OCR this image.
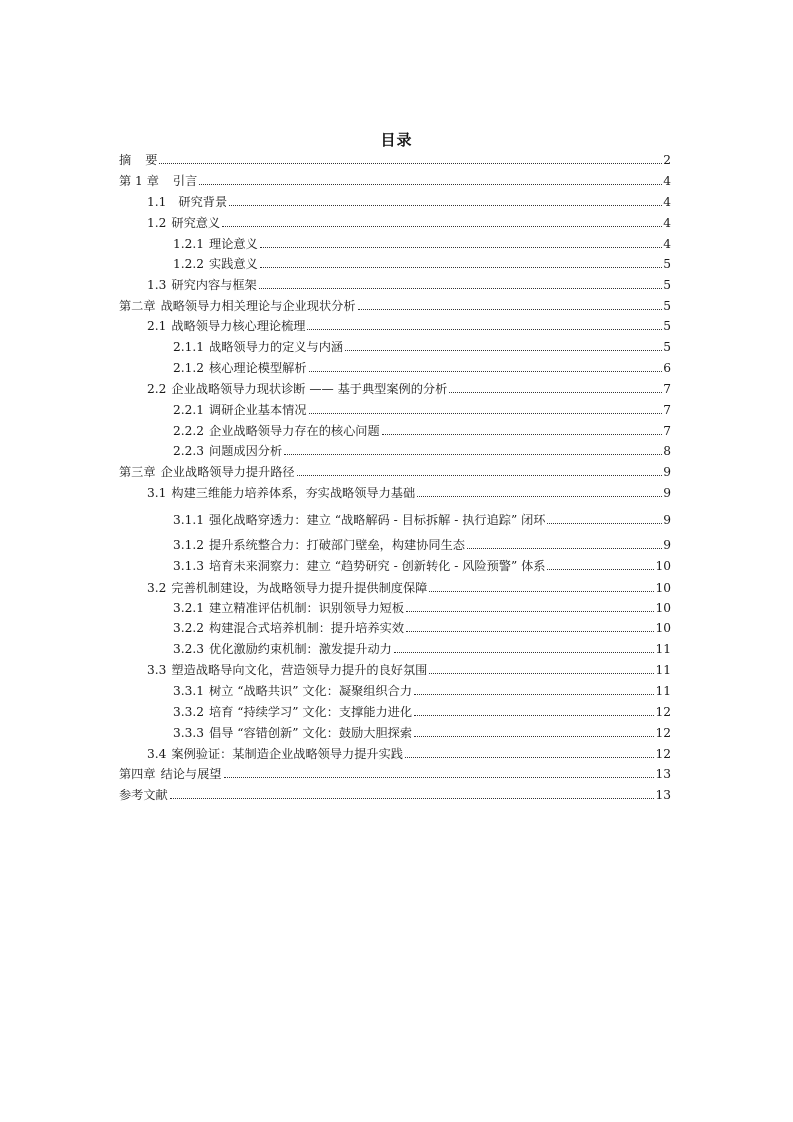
目录
摘 要	2
第 1 章 引言	4
1.1 研究背景	4
1.2 研究意义	4
1.2.1 理论意义	4
1.2.2 实践意义	5
1.3 研究内容与框架	5
第二章 战略领导力相关理论与企业现状分析	5
2.1 战略领导力核心理论梳理	5
2.1.1 战略领导力的定义与内涵	5
2.1.2 核心理论模型解析	6
2.2 企业战略领导力现状诊断 —— 基于典型案例的分析	7
2.2.1 调研企业基本情况	7
2.2.2 企业战略领导力存在的核心问题	7
2.2.3 问题成因分析	8
第三章 企业战略领导力提升路径	9
3.1 构建三维能力培养体系，夯实战略领导力基础	9
3.1.1 强化战略穿透力：建立 “战略解码 - 目标拆解 - 执行追踪” 闭环	9
3.1.2 提升系统整合力：打破部门壁垒，构建协同生态	9
3.1.3 培育未来洞察力：建立 “趋势研究 - 创新转化 - 风险预警” 体系	10
3.2 完善机制建设，为战略领导力提升提供制度保障	10
3.2.1 建立精准评估机制：识别领导力短板	10
3.2.2 构建混合式培养机制：提升培养实效	10
3.2.3 优化激励约束机制：激发提升动力	11
3.3 塑造战略导向文化，营造领导力提升的良好氛围	11
3.3.1 树立 “战略共识” 文化：凝聚组织合力	11
3.3.2 培育 “持续学习” 文化：支撑能力进化	12
3.3.3 倡导 “容错创新” 文化：鼓励大胆探索	12
3.4 案例验证：某制造企业战略领导力提升实践	12
第四章 结论与展望	13
参考文献	13
